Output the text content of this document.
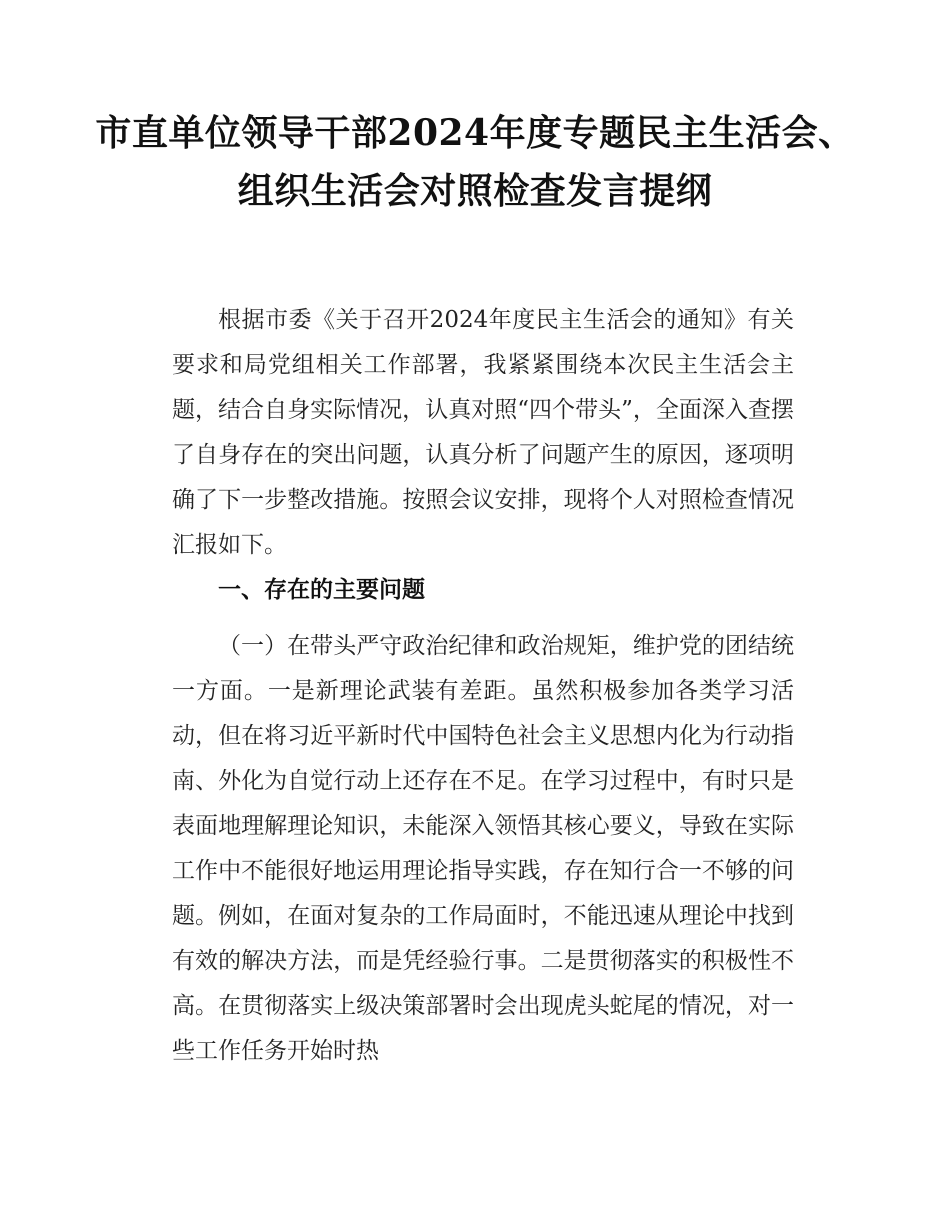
市直单位领导干部2024年度专题民主生活会、
组织生活会对照检查发言提纲

根据市委《关于召开2024年度民主生活会的通知》有关要求和局党组相关工作部署，我紧紧围绕本次民主生活会主题，结合自身实际情况，认真对照“四个带头”，全面深入查摆了自身存在的突出问题，认真分析了问题产生的原因，逐项明确了下一步整改措施。按照会议安排，现将个人对照检查情况汇报如下。

一、存在的主要问题

（一）在带头严守政治纪律和政治规矩，维护党的团结统一方面。一是新理论武装有差距。虽然积极参加各类学习活动，但在将习近平新时代中国特色社会主义思想内化为行动指南、外化为自觉行动上还存在不足。在学习过程中，有时只是表面地理解理论知识，未能深入领悟其核心要义，导致在实际工作中不能很好地运用理论指导实践，存在知行合一不够的问题。例如，在面对复杂的工作局面时，不能迅速从理论中找到有效的解决方法，而是凭经验行事。二是贯彻落实的积极性不高。在贯彻落实上级决策部署时会出现虎头蛇尾的情况，对一些工作任务开始时热
